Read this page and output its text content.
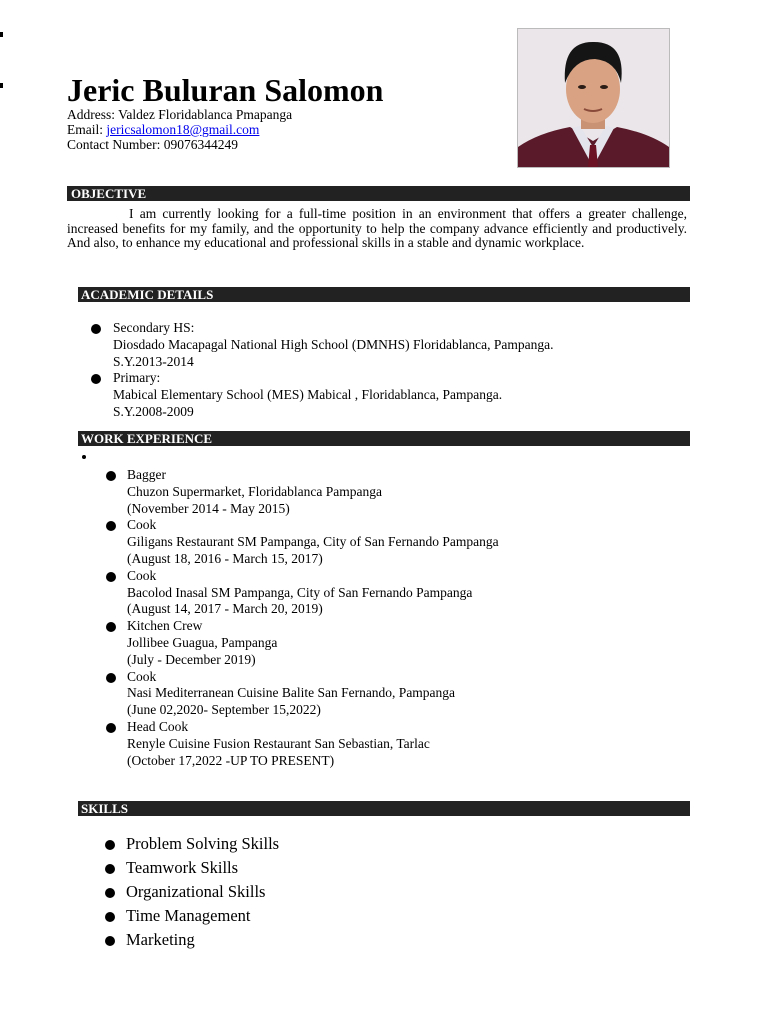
Jeric Buluran Salomon
Address: Valdez Floridablanca Pmapanga
Email: jericsalomon18@gmail.com
Contact Number: 09076344249
OBJECTIVE

I am currently looking for a full-time position in an environment that offers a greater challenge, increased benefits for my family, and the opportunity to help the company advance efficiently and productively. And also, to enhance my educational and professional skills in a stable and dynamic workplace.

ACADEMIC DETAILS
Secondary HS:
Diosdado Macapagal National High School (DMNHS) Floridablanca, Pampanga.
S.Y.2013-2014
Primary:
Mabical Elementary School (MES) Mabical , Floridablanca, Pampanga.
S.Y.2008-2009
WORK EXPERIENCE
Bagger
Chuzon Supermarket, Floridablanca Pampanga
(November 2014 - May 2015)
Cook
Giligans Restaurant SM Pampanga, City of San Fernando Pampanga
(August 18, 2016 - March 15, 2017)
Cook
Bacolod Inasal SM Pampanga, City of San Fernando Pampanga
(August 14, 2017 - March 20, 2019)
Kitchen Crew
Jollibee Guagua, Pampanga
(July - December 2019)
Cook
Nasi Mediterranean Cuisine Balite San Fernando, Pampanga
(June 02,2020- September 15,2022)
Head Cook
Renyle Cuisine Fusion Restaurant San Sebastian, Tarlac
(October 17,2022 -UP TO PRESENT)
SKILLS
Problem Solving Skills
Teamwork Skills
Organizational Skills
Time Management
Marketing
